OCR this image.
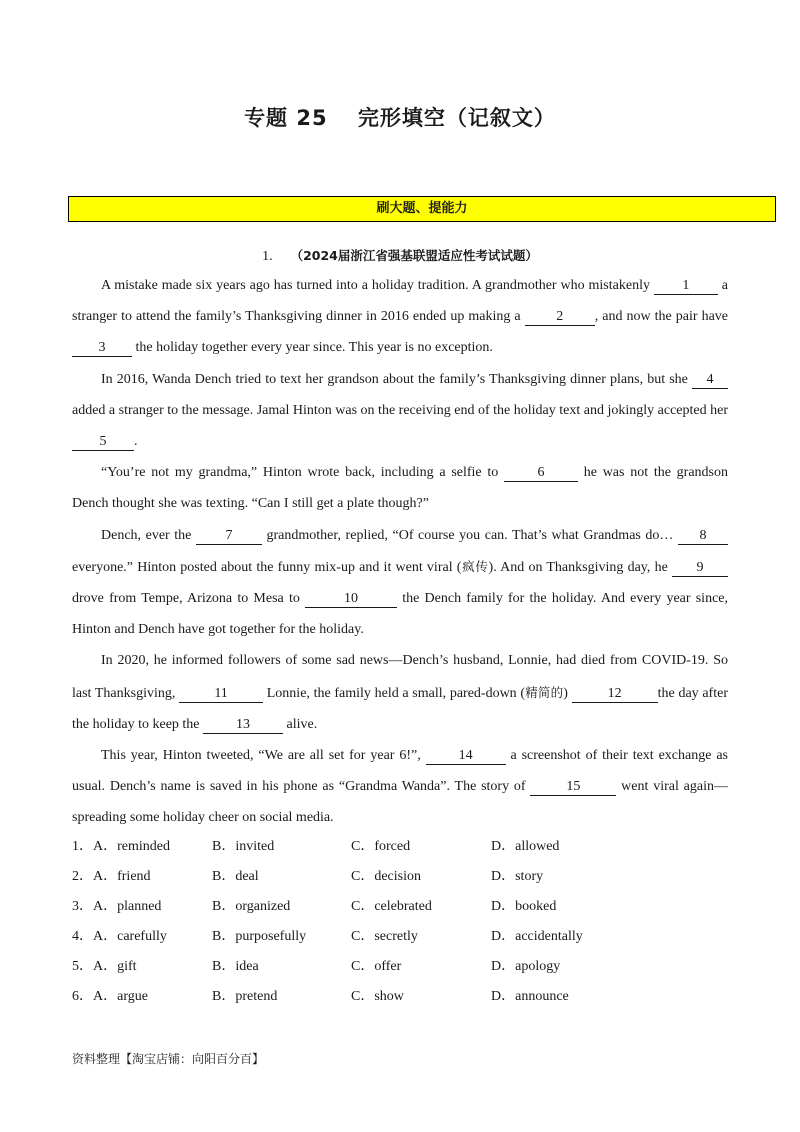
专题 25　 完形填空（记叙文）
刷大题、提能力
1. （2024届浙江省强基联盟适应性考试试题）

A mistake made six years ago has turned into a holiday tradition. A grandmother who mistakenly 1 a stranger to attend the family’s Thanksgiving dinner in 2016 ended up making a 2 , and now the pair have 3 the holiday together every year since. This year is no exception.

In 2016, Wanda Dench tried to text her grandson about the family’s Thanksgiving dinner plans, but she 4 added a stranger to the message. Jamal Hinton was on the receiving end of the holiday text and jokingly accepted her 5 .

“You’re not my grandma,” Hinton wrote back, including a selfie to 6 he was not the grandson Dench thought she was texting. “Can I still get a plate though?”

Dench, ever the 7 grandmother, replied, “Of course you can. That’s what Grandmas do… 8 everyone.” Hinton posted about the funny mix-up and it went viral (疯传). And on Thanksgiving day, he 9 drove from Tempe, Arizona to Mesa to	10	the Dench family for the holiday. And every year since, Hinton and Dench have got together for the holiday.

In 2020, he informed followers of some sad news—Dench’s husband, Lonnie, had died from COVID-19. So last Thanksgiving,	11	Lonnie, the family held a small, pared-down (精简的)	12	the day after the holiday to keep the 13 alive.

This year, Hinton tweeted, “We are all set for year 6!”, 14 a screenshot of their text exchange as usual. Dench’s name is saved in his phone as “Grandma Wanda”. The story of	15	went viral again—spreading some holiday cheer on social media.

1．A．reminded	B．invited	C．forced	D．allowed
2．A．friend	B．deal	C．decision	D．story
3．A．planned	B．organized	C．celebrated	D．booked
4．A．carefully	B．purposefully	C．secretly	D．accidentally
5．A．gift	B．idea	C．offer	D．apology
6．A．argue	B．pretend	C．show	D．announce
资料整理【淘宝店铺：向阳百分百】
